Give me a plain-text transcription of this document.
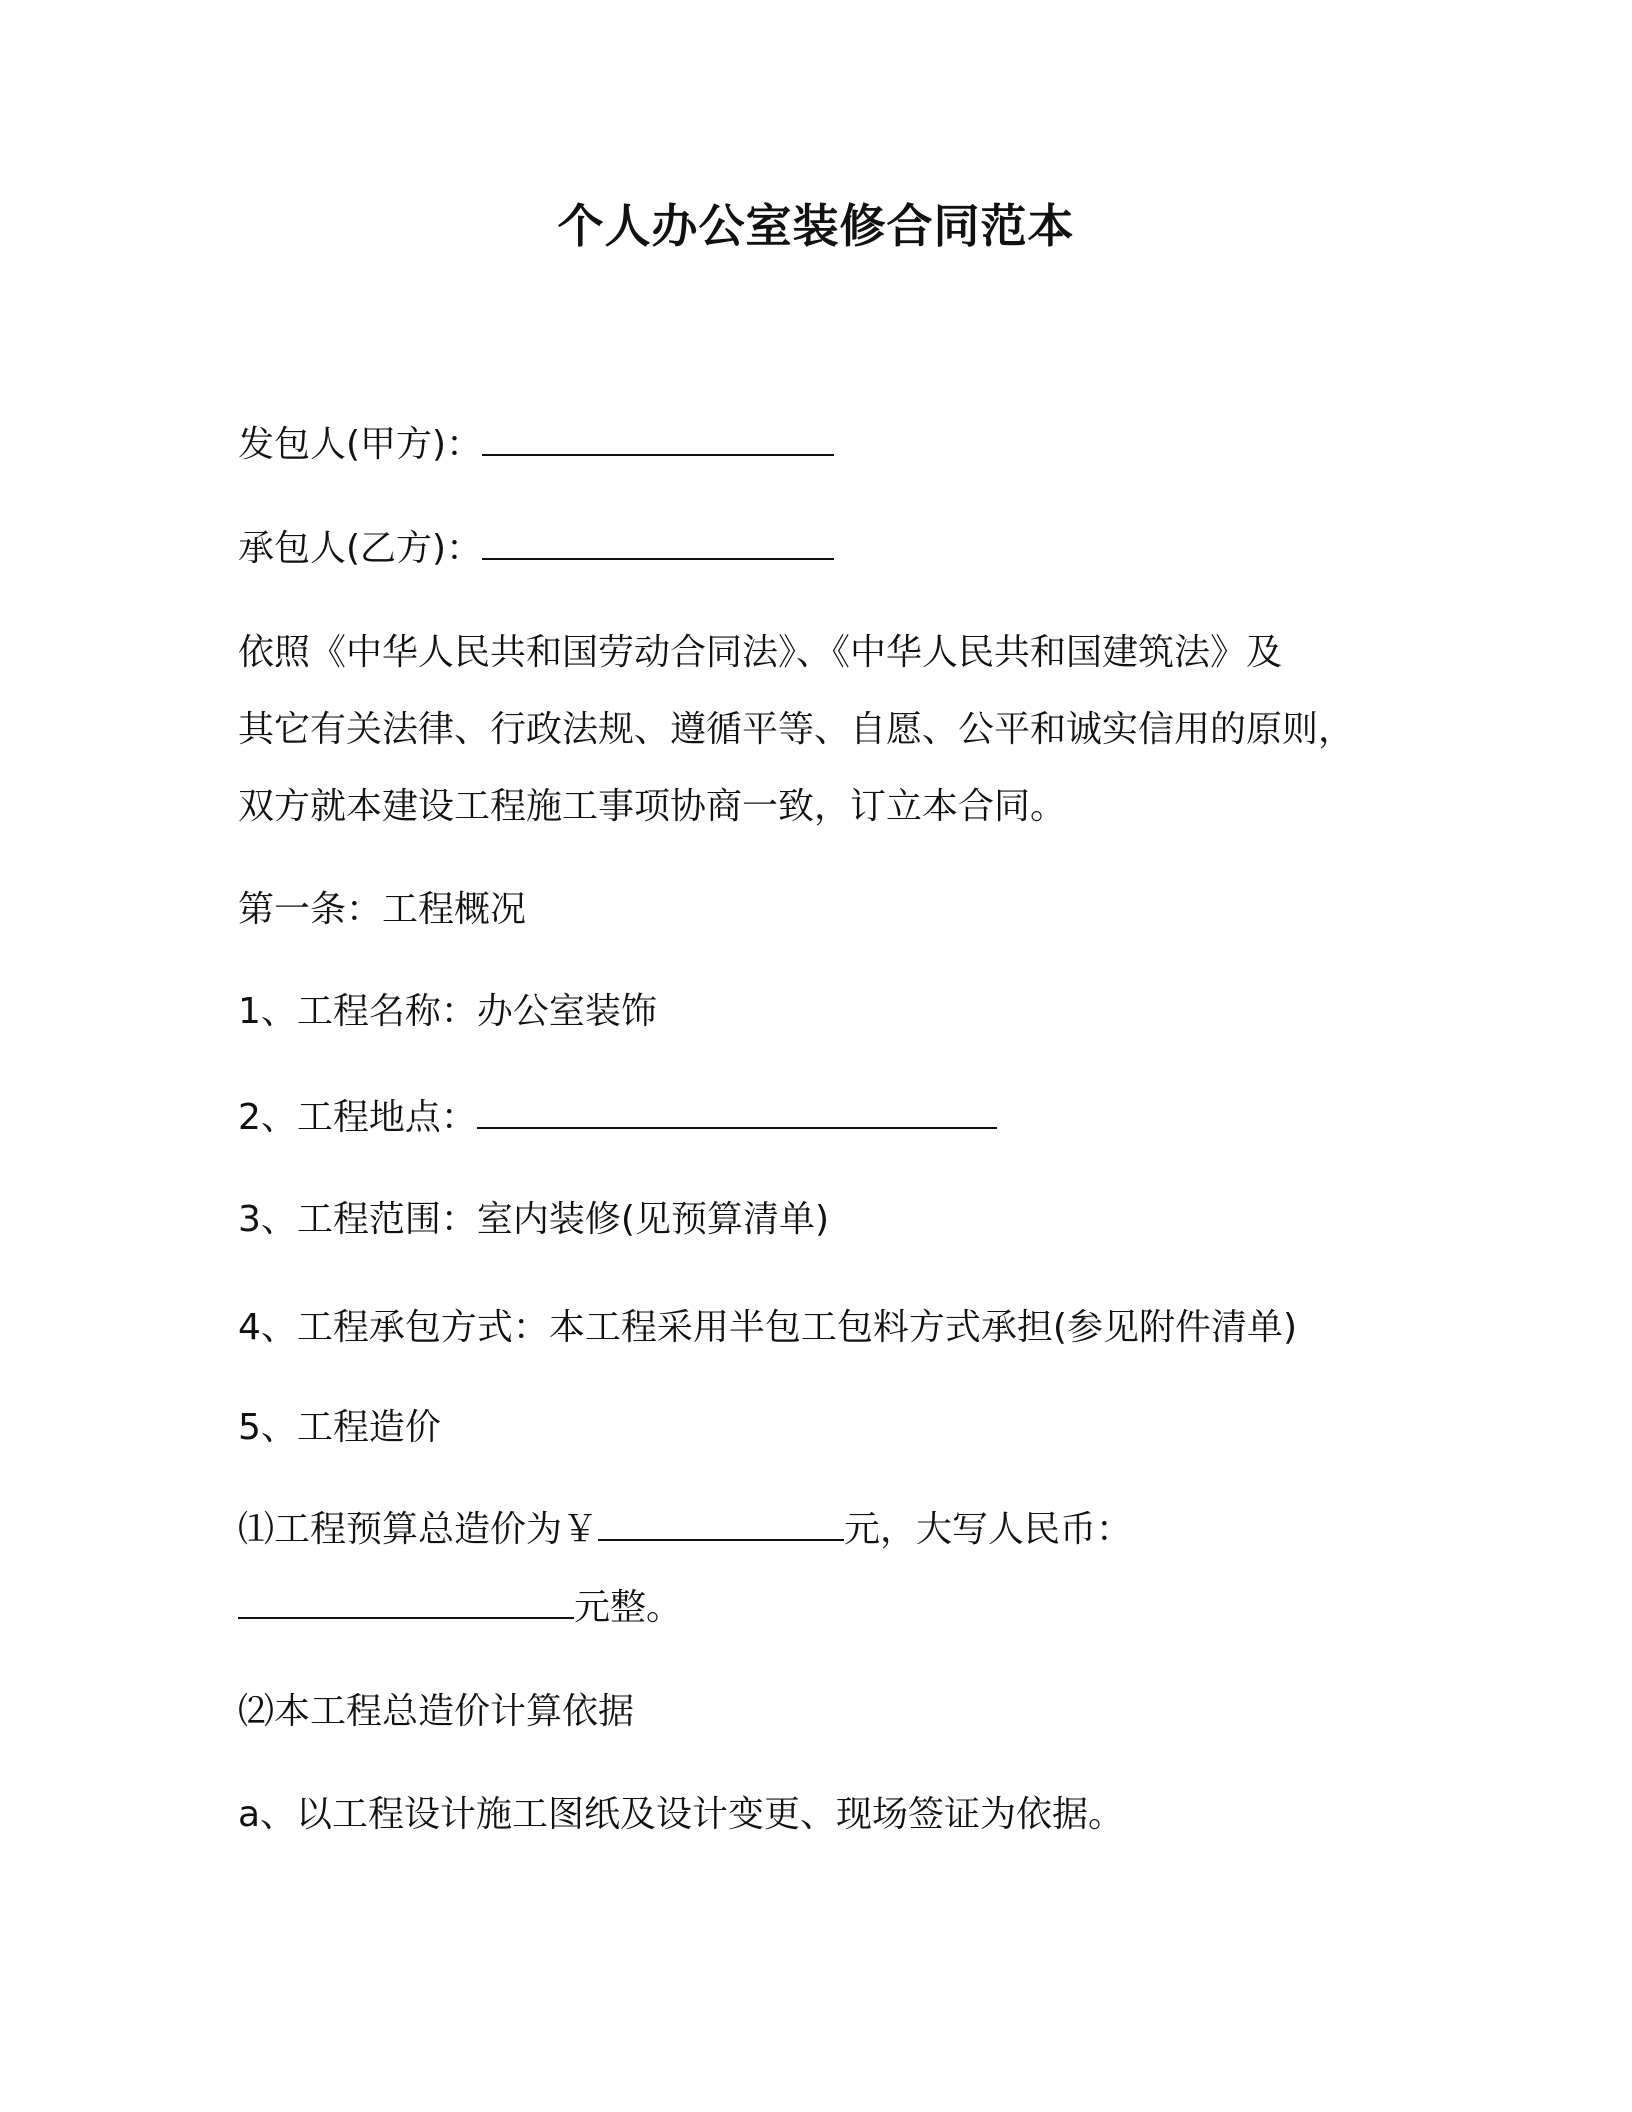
个人办公室装修合同范本

发包人(甲方)：

承包人(乙方)：

依照《中华人民共和国劳动合同法》、《中华人民共和国建筑法》及

其它有关法律、行政法规、遵循平等、自愿、公平和诚实信用的原则，

双方就本建设工程施工事项协商一致，订立本合同。

第一条：工程概况

1、工程名称：办公室装饰

2、工程地点：

3、工程范围：室内装修(见预算清单)

4、工程承包方式：本工程采用半包工包料方式承担(参见附件清单)

5、工程造价

⑴工程预算总造价为￥	元，大写人民币：

元整。

⑵本工程总造价计算依据

a、以工程设计施工图纸及设计变更、现场签证为依据。
